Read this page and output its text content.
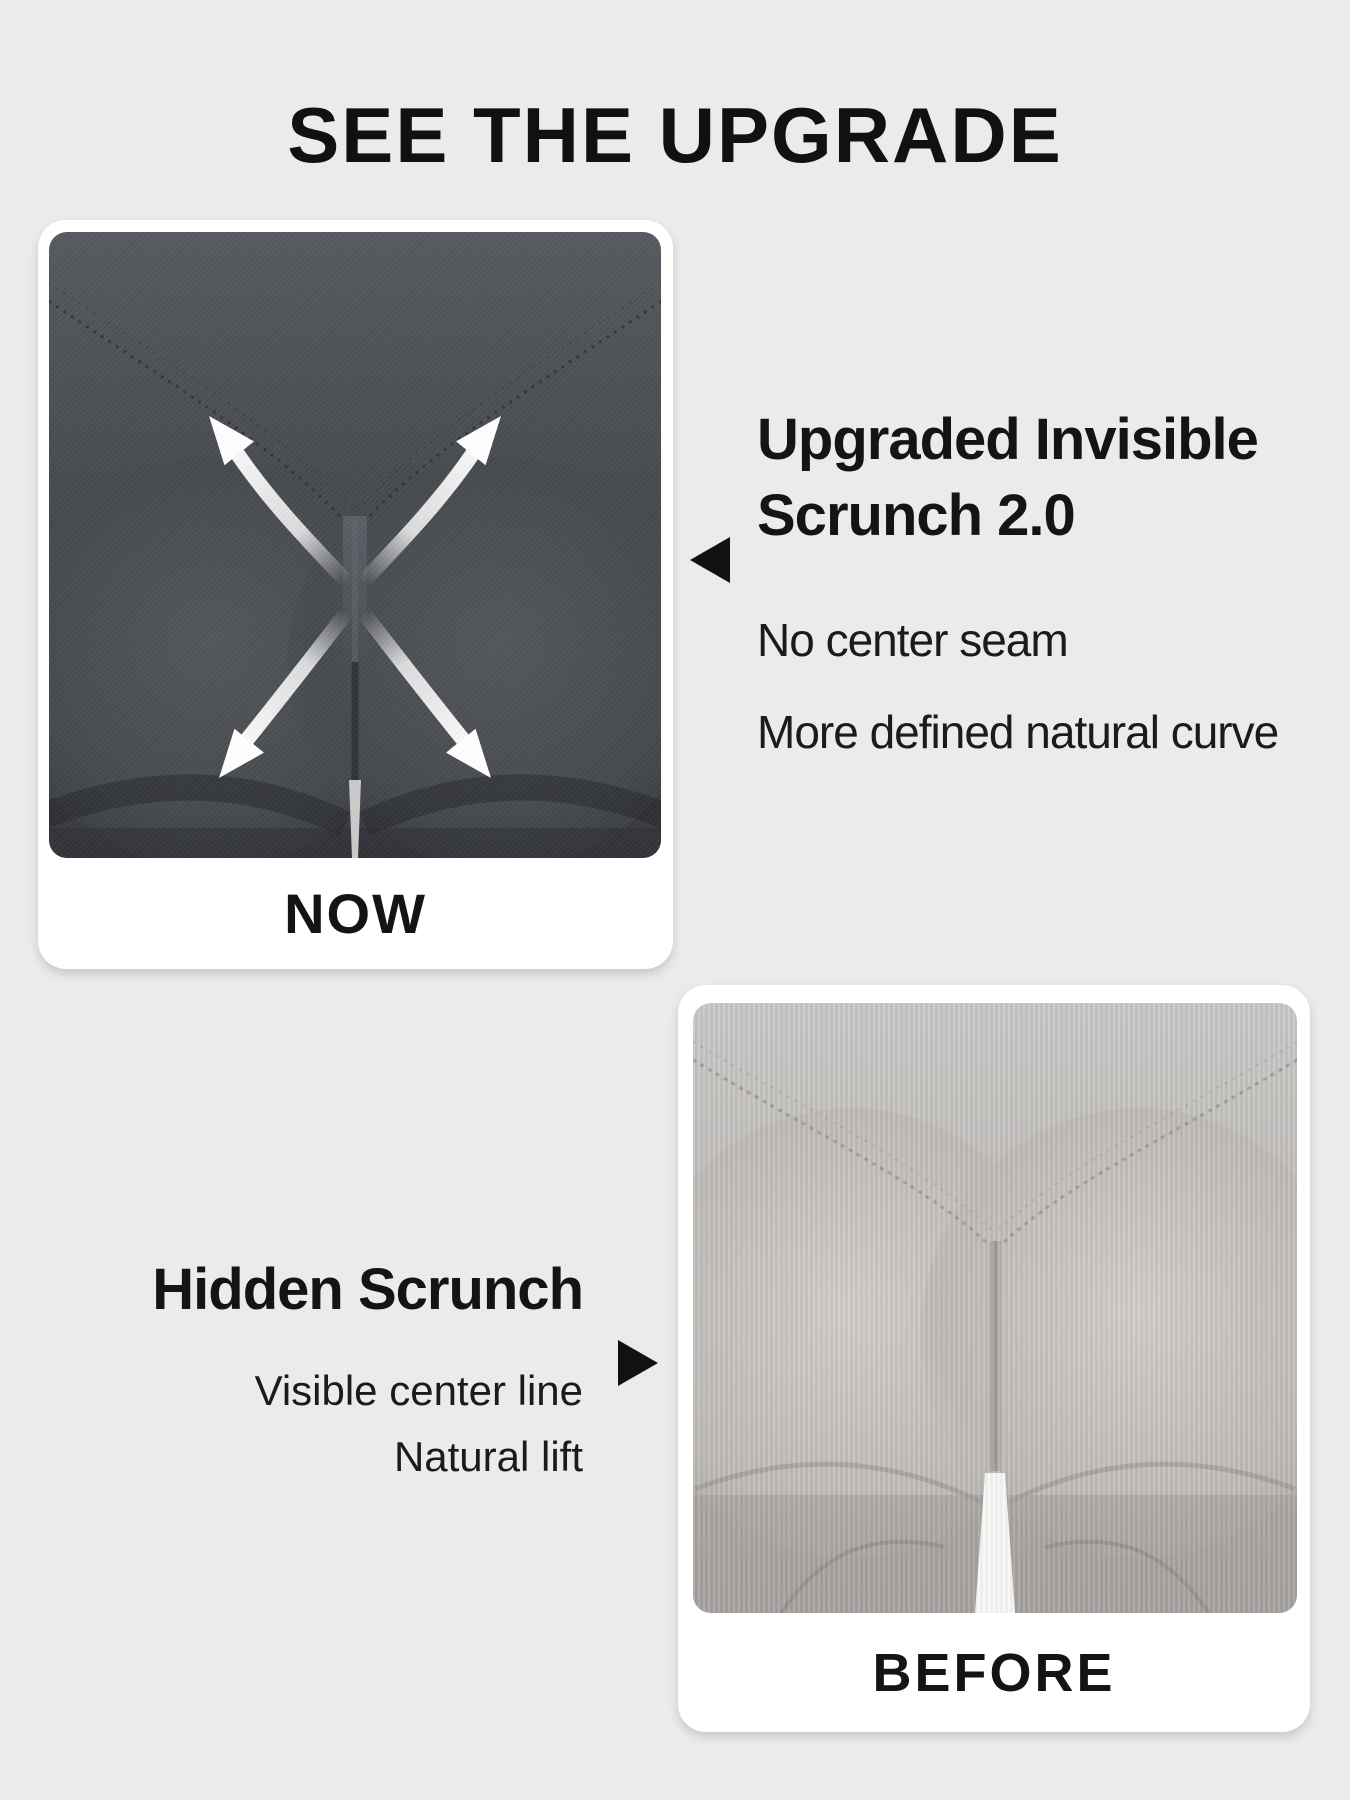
SEE THE UPGRADE
NOW
Upgraded Invisible
Scrunch 2.0
No center seam
More defined natural curve
Hidden Scrunch
Visible center line
Natural lift
BEFORE
